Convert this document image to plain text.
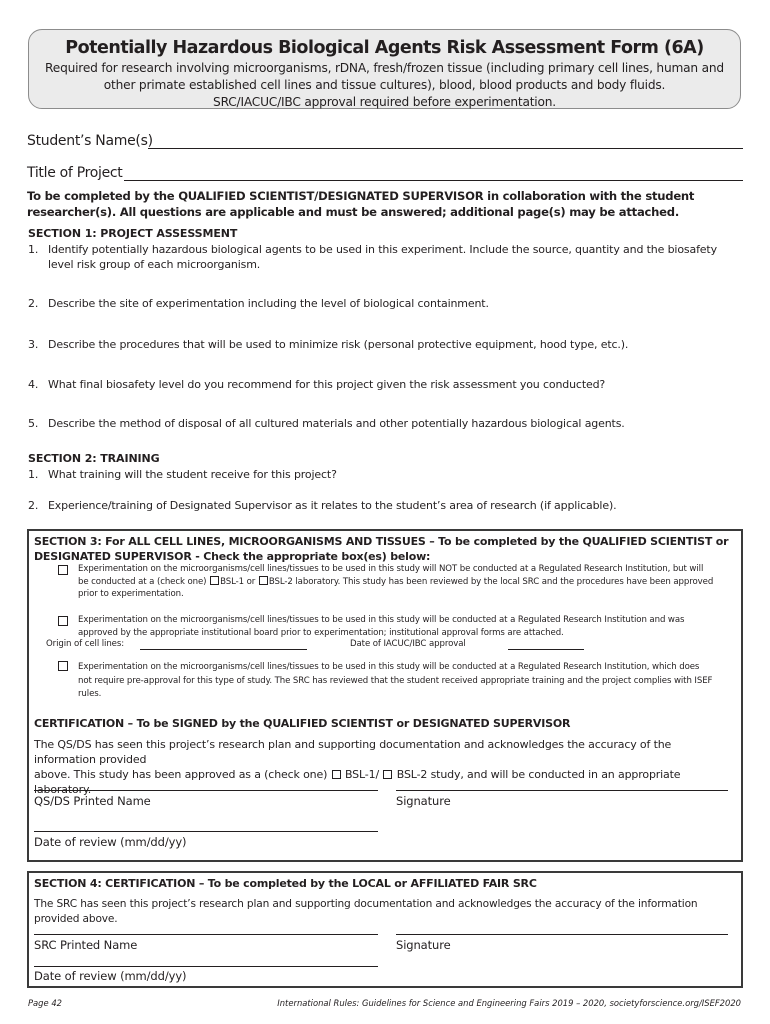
Potentially Hazardous Biological Agents Risk Assessment Form (6A)
Required for research involving microorganisms, rDNA, fresh/frozen tissue (including primary cell lines, human and other primate established cell lines and tissue cultures), blood, blood products and body fluids.
SRC/IACUC/IBC approval required before experimentation.
Student’s Name(s)
Title of Project
To be completed by the QUALIFIED SCIENTIST/DESIGNATED SUPERVISOR in collaboration with the student researcher(s). All questions are applicable and must be answered; additional page(s) may be attached.
SECTION 1: PROJECT ASSESSMENT
1. Identify potentially hazardous biological agents to be used in this experiment. Include the source, quantity and the biosafety level risk group of each microorganism.
2. Describe the site of experimentation including the level of biological containment.
3. Describe the procedures that will be used to minimize risk (personal protective equipment, hood type, etc.).
4. What final biosafety level do you recommend for this project given the risk assessment you conducted?
5. Describe the method of disposal of all cultured materials and other potentially hazardous biological agents.
SECTION 2: TRAINING
1. What training will the student receive for this project?
2. Experience/training of Designated Supervisor as it relates to the student’s area of research (if applicable).
SECTION 3: For ALL CELL LINES, MICROORGANISMS AND TISSUES – To be completed by the QUALIFIED SCIENTIST or DESIGNATED SUPERVISOR - Check the appropriate box(es) below:
Experimentation on the microorganisms/cell lines/tissues to be used in this study will NOT be conducted at a Regulated Research Institution, but will
be conducted at a (check one) BSL-1 or BSL-2 laboratory. This study has been reviewed by the local SRC and the procedures have been approved
prior to experimentation.
Experimentation on the microorganisms/cell lines/tissues to be used in this study will be conducted at a Regulated Research Institution and was
approved by the appropriate institutional board prior to experimentation; institutional approval forms are attached.
Origin of cell lines:	Date of IACUC/IBC approval
Experimentation on the microorganisms/cell lines/tissues to be used in this study will be conducted at a Regulated Research Institution, which does
not require pre-approval for this type of study. The SRC has reviewed that the student received appropriate training and the project complies with ISEF
rules.
CERTIFICATION – To be SIGNED by the QUALIFIED SCIENTIST or DESIGNATED SUPERVISOR
The QS/DS has seen this project’s research plan and supporting documentation and acknowledges the accuracy of the information provided
above. This study has been approved as a (check one) BSL-1/ BSL-2 study, and will be conducted in an appropriate laboratory.
QS/DS Printed Name	Signature
Date of review (mm/dd/yy)
SECTION 4: CERTIFICATION – To be completed by the LOCAL or AFFILIATED FAIR SRC
The SRC has seen this project’s research plan and supporting documentation and acknowledges the accuracy of the information provided above.
SRC Printed Name	Signature
Date of review (mm/dd/yy)
Page 42	International Rules: Guidelines for Science and Engineering Fairs 2019 – 2020, societyforscience.org/ISEF2020
